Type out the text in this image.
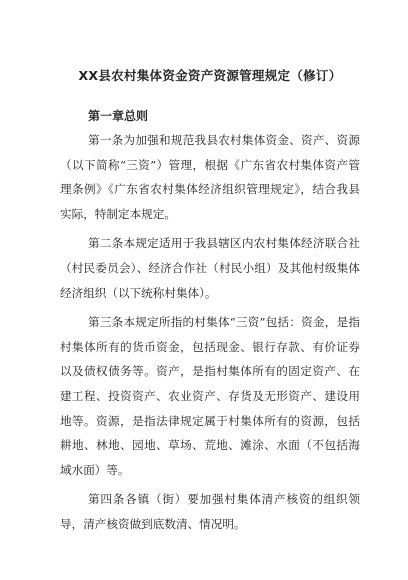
XX县农村集体资金资产资源管理规定（修订）
第一章总则

第一条为加强和规范我县农村集体资金、资产、资源（以下简称“三资”）管理，根据《广东省农村集体资产管理条例》《广东省农村集体经济组织管理规定》，结合我县实际，特制定本规定。

第二条本规定适用于我县辖区内农村集体经济联合社（村民委员会）、经济合作社（村民小组）及其他村级集体经济组织（以下统称村集体）。

第三条本规定所指的村集体“三资”包括：资金，是指村集体所有的货币资金，包括现金、银行存款、有价证券以及债权债务等。资产，是指村集体所有的固定资产、在建工程、投资资产、农业资产、存货及无形资产、建设用地等。资源，是指法律规定属于村集体所有的资源，包括耕地、林地、园地、草场、荒地、滩涂、水面（不包括海域水面）等。

第四条各镇（街）要加强村集体清产核资的组织领导，清产核资做到底数清、情况明。
